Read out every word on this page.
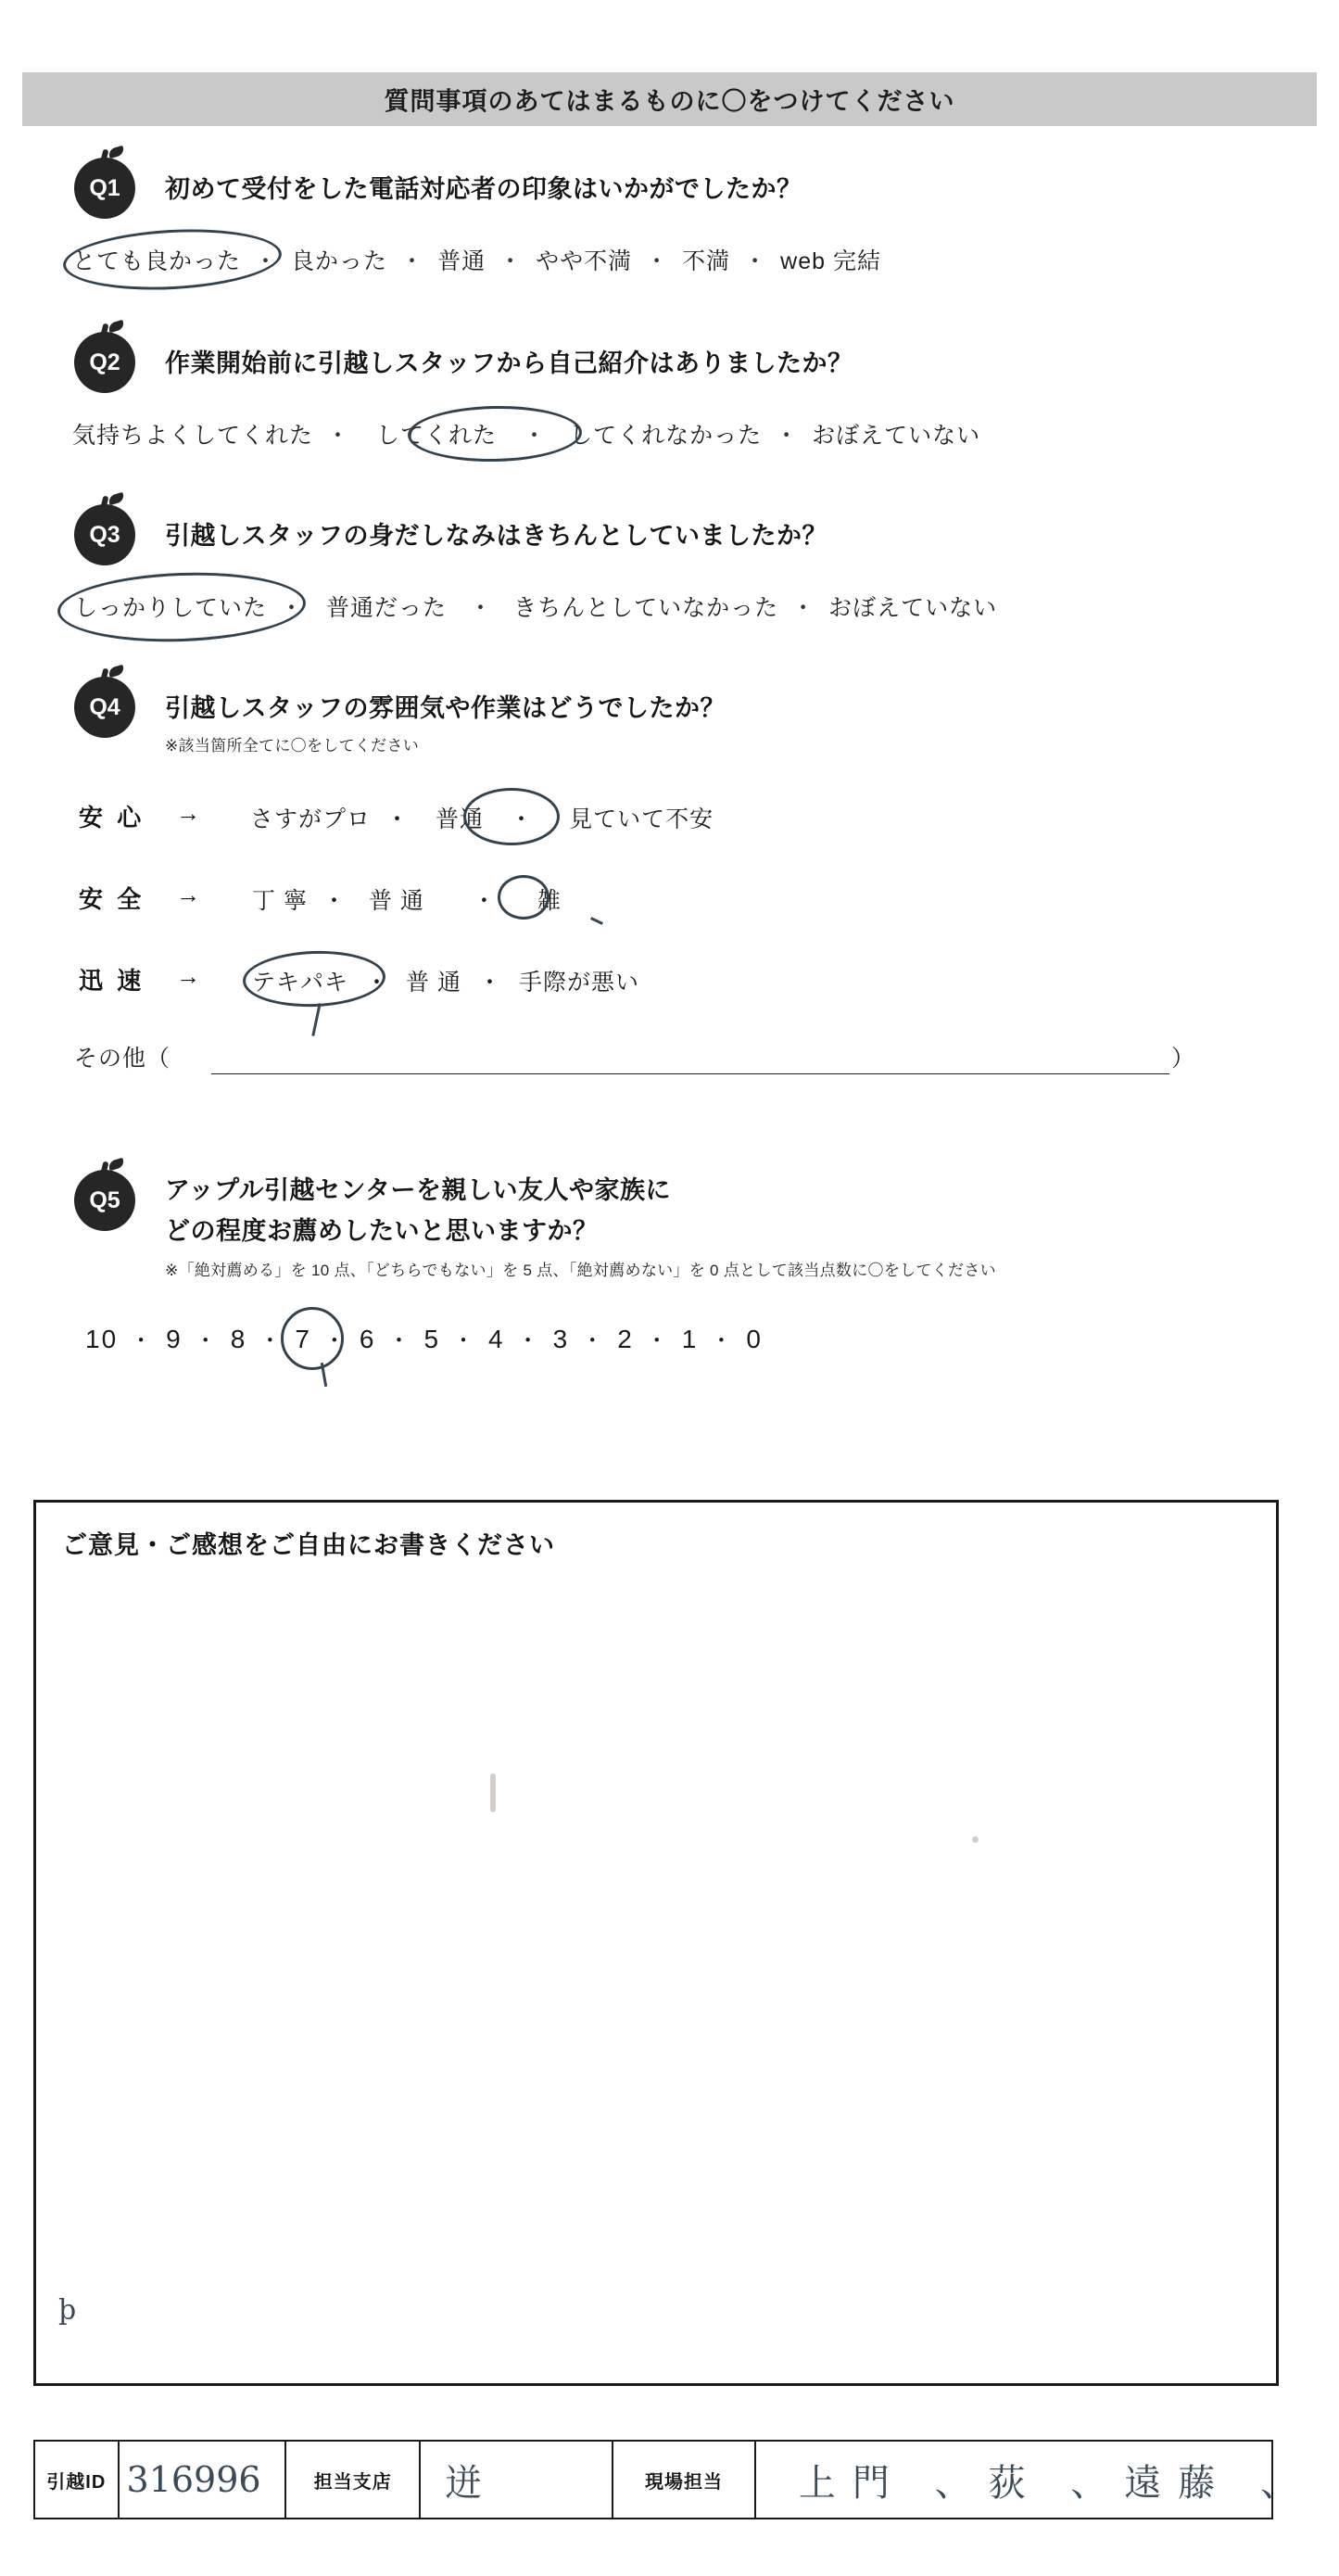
質問事項のあてはまるものに〇をつけてください
Q1	初めて受付をした電話対応者の印象はいかがでしたか？
とても良かった ・ 良かった ・ 普通 ・ やや不満 ・ 不満 ・ web 完結
Q2	作業開始前に引越しスタッフから自己紹介はありましたか？
気持ちよくしてくれた ・ してくれた ・ してくれなかった ・ おぼえていない
Q3	引越しスタッフの身だしなみはきちんとしていましたか？
しっかりしていた ・ 普通だった ・ きちんとしていなかった ・ おぼえていない
Q4	引越しスタッフの雰囲気や作業はどうでしたか？
※該当箇所全てに〇をしてください
安 心 → さすがプロ ・ 普通 ・ 見ていて不安
安 全 → 丁 寧 ・ 普 通 ・ 雑
迅 速 → テキパキ ・ 普 通 ・ 手際が悪い
その他（	）
Q5	アップル引越センターを親しい友人や家族に
どの程度お薦めしたいと思いますか？
※「絶対薦める」を 10 点、「どちらでもない」を 5 点、「絶対薦めない」を 0 点として該当点数に〇をしてください
10 ・ 9 ・ 8 ・ 7 ・ 6 ・ 5 ・ 4 ・ 3 ・ 2 ・ 1 ・ 0
ご意見・ご感想をご自由にお書きください
þ
引越ID 316996	担当支店	迸	現場担当	上門 、荻 、遠藤 、
